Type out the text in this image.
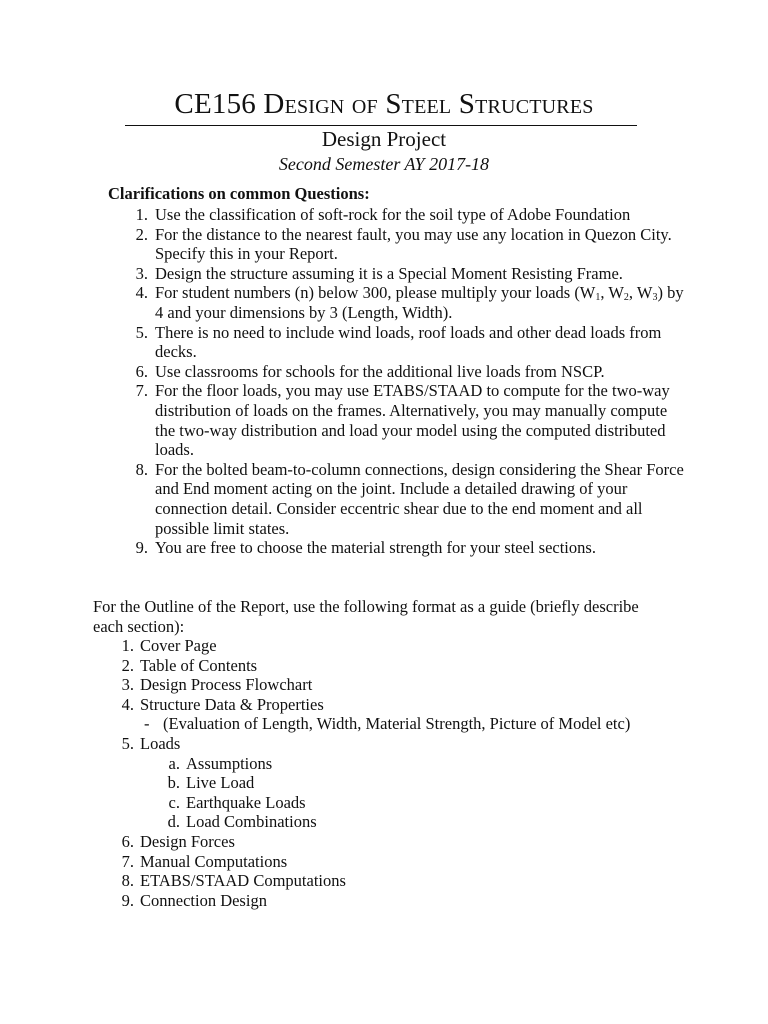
CE156 Design of Steel Structures
Design Project
Second Semester AY 2017-18
Clarifications on common Questions:
1. Use the classification of soft-rock for the soil type of Adobe Foundation
2. For the distance to the nearest fault, you may use any location in Quezon City. Specify this in your Report.
3. Design the structure assuming it is a Special Moment Resisting Frame.
4. For student numbers (n) below 300, please multiply your loads ($W_1$, $W_2$, $W_3$) by 4 and your dimensions by 3 (Length, Width).
5. There is no need to include wind loads, roof loads and other dead loads from decks.
6. Use classrooms for schools for the additional live loads from NSCP.
7. For the floor loads, you may use ETABS/STAAD to compute for the two-way distribution of loads on the frames. Alternatively, you may manually compute the two-way distribution and load your model using the computed distributed loads.
8. For the bolted beam-to-column connections, design considering the Shear Force and End moment acting on the joint. Include a detailed drawing of your connection detail. Consider eccentric shear due to the end moment and all possible limit states.
9. You are free to choose the material strength for your steel sections.
For the Outline of the Report, use the following format as a guide (briefly describe each section):
1. Cover Page
2. Table of Contents
3. Design Process Flowchart
4. Structure Data & Properties
- (Evaluation of Length, Width, Material Strength, Picture of Model etc)
5. Loads
a. Assumptions
b. Live Load
c. Earthquake Loads
d. Load Combinations
6. Design Forces
7. Manual Computations
8. ETABS/STAAD Computations
9. Connection Design
